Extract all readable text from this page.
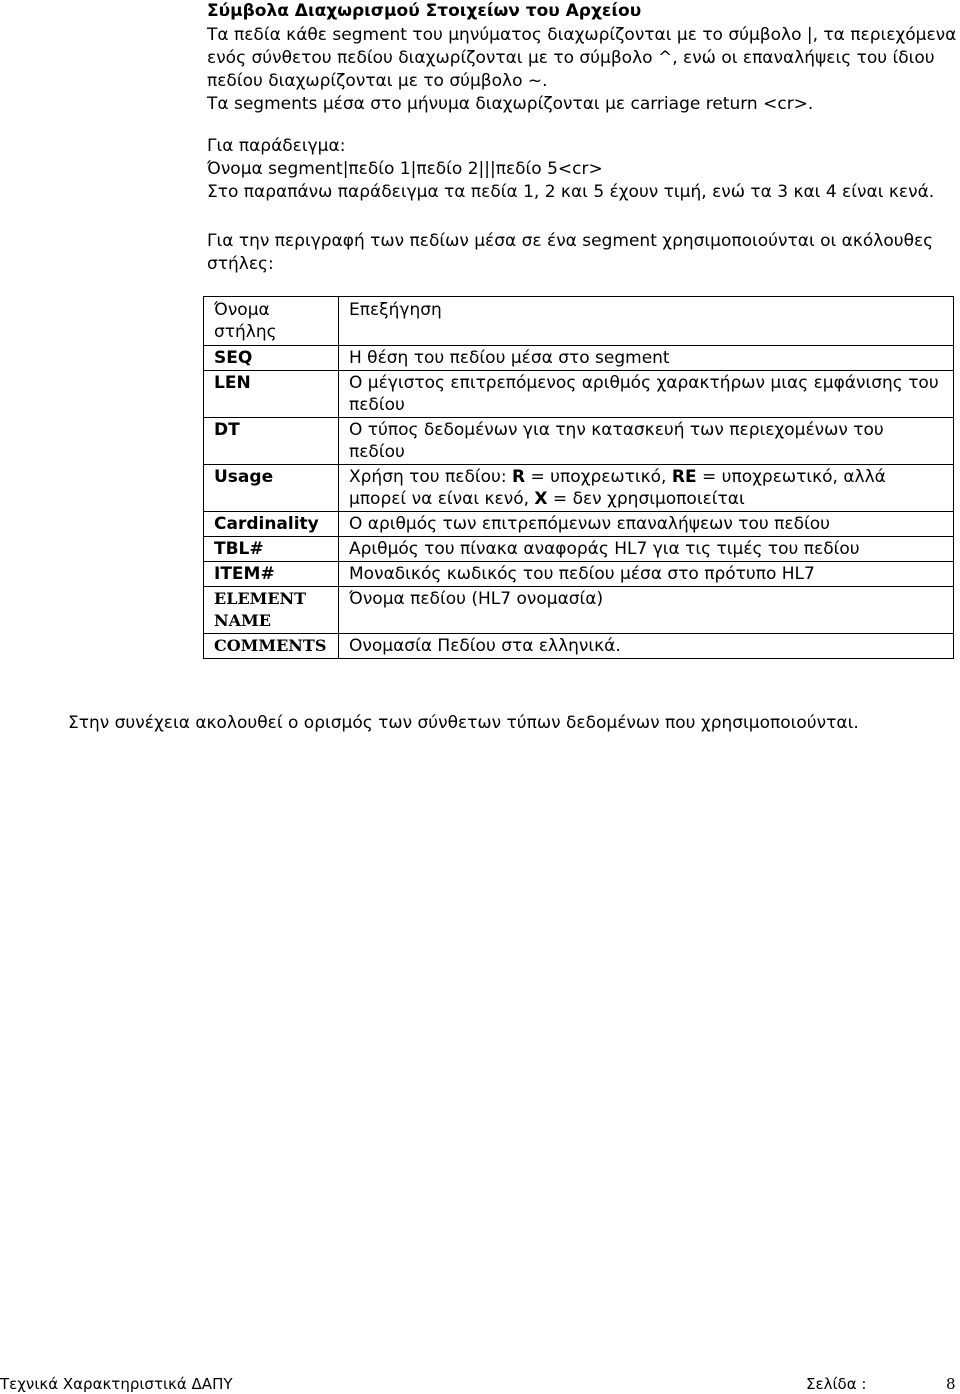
Σύμβολα Διαχωρισμού Στοιχείων του Αρχείου
Τα πεδία κάθε segment του μηνύματος διαχωρίζονται με το σύμβολο |, τα περιεχόμενα
ενός σύνθετου πεδίου διαχωρίζονται με το σύμβολο ^, ενώ οι επαναλήψεις του ίδιου
πεδίου διαχωρίζονται με το σύμβολο ~.
Τα segments μέσα στο μήνυμα διαχωρίζονται με carriage return <cr>.
Για παράδειγμα:
Όνομα segment|πεδίο 1|πεδίο 2|||πεδίο 5<cr>
Στο παραπάνω παράδειγμα τα πεδία 1, 2 και 5 έχουν τιμή, ενώ τα 3 και 4 είναι κενά.
Για την περιγραφή των πεδίων μέσα σε ένα segment χρησιμοποιούνται οι ακόλουθες στήλες:
Όνομα στήλης	Επεξήγηση
SEQ	Η θέση του πεδίου μέσα στο segment
LEN	Ο μέγιστος επιτρεπόμενος αριθμός χαρακτήρων μιας εμφάνισης του πεδίου
DT	Ο τύπος δεδομένων για την κατασκευή των περιεχομένων του πεδίου
Usage	Χρήση του πεδίου: R = υποχρεωτικό, RE = υποχρεωτικό, αλλά μπορεί να είναι κενό, X = δεν χρησιμοποιείται
Cardinality	Ο αριθμός των επιτρεπόμενων επαναλήψεων του πεδίου
TBL#	Αριθμός του πίνακα αναφοράς HL7 για τις τιμές του πεδίου
ITEM#	Μοναδικός κωδικός του πεδίου μέσα στο πρότυπο HL7
ELEMENT NAME	Όνομα πεδίου (HL7 ονομασία)
COMMENTS	Ονομασία Πεδίου στα ελληνικά.
Στην συνέχεια ακολουθεί ο ορισμός των σύνθετων τύπων δεδομένων που χρησιμοποιούνται.
Τεχνικά Χαρακτηριστικά ΔΑΠΥ	Σελίδα :	8
